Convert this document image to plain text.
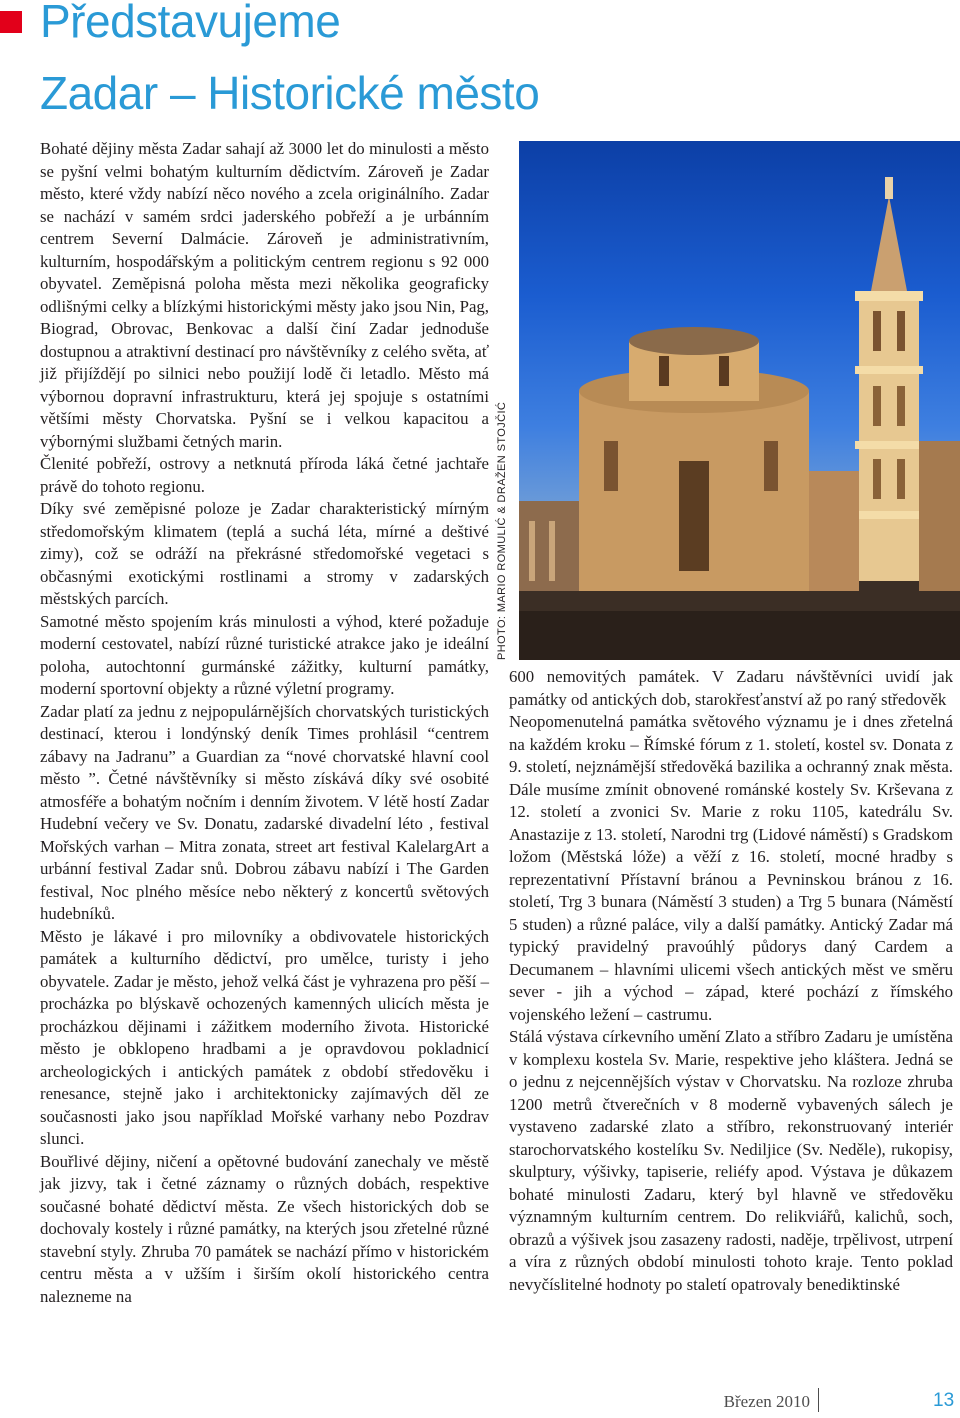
Představujeme
Zadar – Historické město

Bohaté dějiny města Zadar sahají až 3000 let do minulosti a město se pyšní velmi bohatým kulturním dědictvím. Zároveň je Zadar město, které vždy nabízí něco nového a zcela originálního. Zadar se nachází v samém srdci jaderského pobřeží a je urbánním centrem Severní Dalmácie. Zároveň je administrativním, kulturním, hospodářským a politickým centrem regionu s 92 000 obyvatel. Zeměpisná poloha města mezi několika geograficky odlišnými celky a blízkými historickými městy jako jsou Nin, Pag, Biograd, Obrovac, Benkovac a další činí Zadar jednoduše dostupnou a atraktivní destinací pro návštěvníky z celého světa, ať již přijíždějí po silnici nebo použijí lodě či letadlo. Město má výbornou dopravní infrastrukturu, která jej spojuje s ostatními většími městy Chorvatska. Pyšní se i velkou kapacitou a výbornými službami četných marin.

Členité pobřeží, ostrovy a netknutá příroda láká četné jachtaře právě do tohoto regionu.

Díky své zeměpisné poloze je Zadar charakteristický mírným středomořským klimatem (teplá a suchá léta, mírné a deštivé zimy), což se odráží na překrásné středomořské vegetaci s občasnými exotickými rostlinami a stromy v zadarských městských parcích.

Samotné město spojením krás minulosti a výhod, které požaduje moderní cestovatel, nabízí různé turistické atrakce jako je ideální poloha, autochtonní gurmánské zážitky, kulturní památky, moderní sportovní objekty a různé výletní programy.

Zadar platí za jednu z nejpopulárnějších chorvatských turistických destinací, kterou i londýnský deník Times prohlásil “centrem zábavy na Jadranu” a Guardian za “nové chorvatské hlavní cool město ”. Četné návštěvníky si město získává díky své osobité atmosféře a bohatým nočním i denním životem. V létě hostí Zadar Hudební večery ve Sv. Donatu, zadarské divadelní léto , festival Mořských varhan – Mitra zonata, street art festival KalelargArt a urbánní festival Zadar snů. Dobrou zábavu nabízí i The Garden festival, Noc plného měsíce nebo některý z koncertů světových hudebníků.

Město je lákavé i pro milovníky a obdivovatele historických památek a kulturního dědictví, pro umělce, turisty i jeho obyvatele. Zadar je město, jehož velká část je vyhrazena pro pěší – procházka po blýskavě ochozených kamenných ulicích města je procházkou dějinami i zážitkem moderního života. Historické město je obklopeno hradbami a je opravdovou pokladnicí archeologických i antických památek z období středověku i renesance, stejně jako i architektonicky zajímavých děl ze současnosti jako jsou například Mořské varhany nebo Pozdrav slunci.

Bouřlivé dějiny, ničení a opětovné budování zanechaly ve městě jak jizvy, tak i četné záznamy o různých dobách, respektive současné bohaté dědictví města. Ze všech historických dob se dochovaly kostely i různé památky, na kterých jsou zřetelné různé stavební styly. Zhruba 70 památek se nachází přímo v historickém centru města a v užším i širším okolí historického centra nalezneme na

PHOTO: MARIO ROMULIĆ & DRAŽEN STOJČIĆ

600 nemovitých památek. V Zadaru návštěvníci uvidí jak památky od antických dob, starokřesťanství až po raný středověk

Neopomenutelná památka světového významu je i dnes zřetelná na každém kroku – Římské fórum z 1. století, kostel sv. Donata z 9. století, nejznámější středověká bazilika a ochranný znak města. Dále musíme zmínit obnovené románské kostely Sv. Krševana z 12. století a zvonici Sv. Marie z roku 1105, katedrálu Sv. Anastazije z 13. století, Narodni trg (Lidové náměstí) s Gradskom ložom (Městská lóže) a věží z 16. století, mocné hradby s reprezentativní Přístavní bránou a Pevninskou bránou z 16. století, Trg 3 bunara (Náměstí 3 studen) a Trg 5 bunara (Náměstí 5 studen) a různé paláce, vily a další památky. Antický Zadar má typický pravidelný pravoúhlý půdorys daný Cardem a Decumanem – hlavními ulicemi všech antických měst ve směru sever - jih a východ – západ, které pochází z římského vojenského ležení – castrumu.

Stálá výstava církevního umění Zlato a stříbro Zadaru je umístěna v komplexu kostela Sv. Marie, respektive jeho kláštera. Jedná se o jednu z nejcennějších výstav v Chorvatsku. Na rozloze zhruba 1200 metrů čtverečních v 8 moderně vybavených sálech je vystaveno zadarské zlato a stříbro, rekonstruovaný interiér starochorvatského kostelíku Sv. Nediljice (Sv. Neděle), rukopisy, skulptury, výšivky, tapiserie, reliéfy apod. Výstava je důkazem bohaté minulosti Zadaru, který byl hlavně ve středověku významným kulturním centrem. Do relikviářů, kalichů, soch, obrazů a výšivek jsou zasazeny radosti, naděje, trpělivost, utrpení a víra z různých období minulosti tohoto kraje. Tento poklad nevyčíslitelné hodnoty po staletí opatrovaly benediktinské

Březen 2010	13
